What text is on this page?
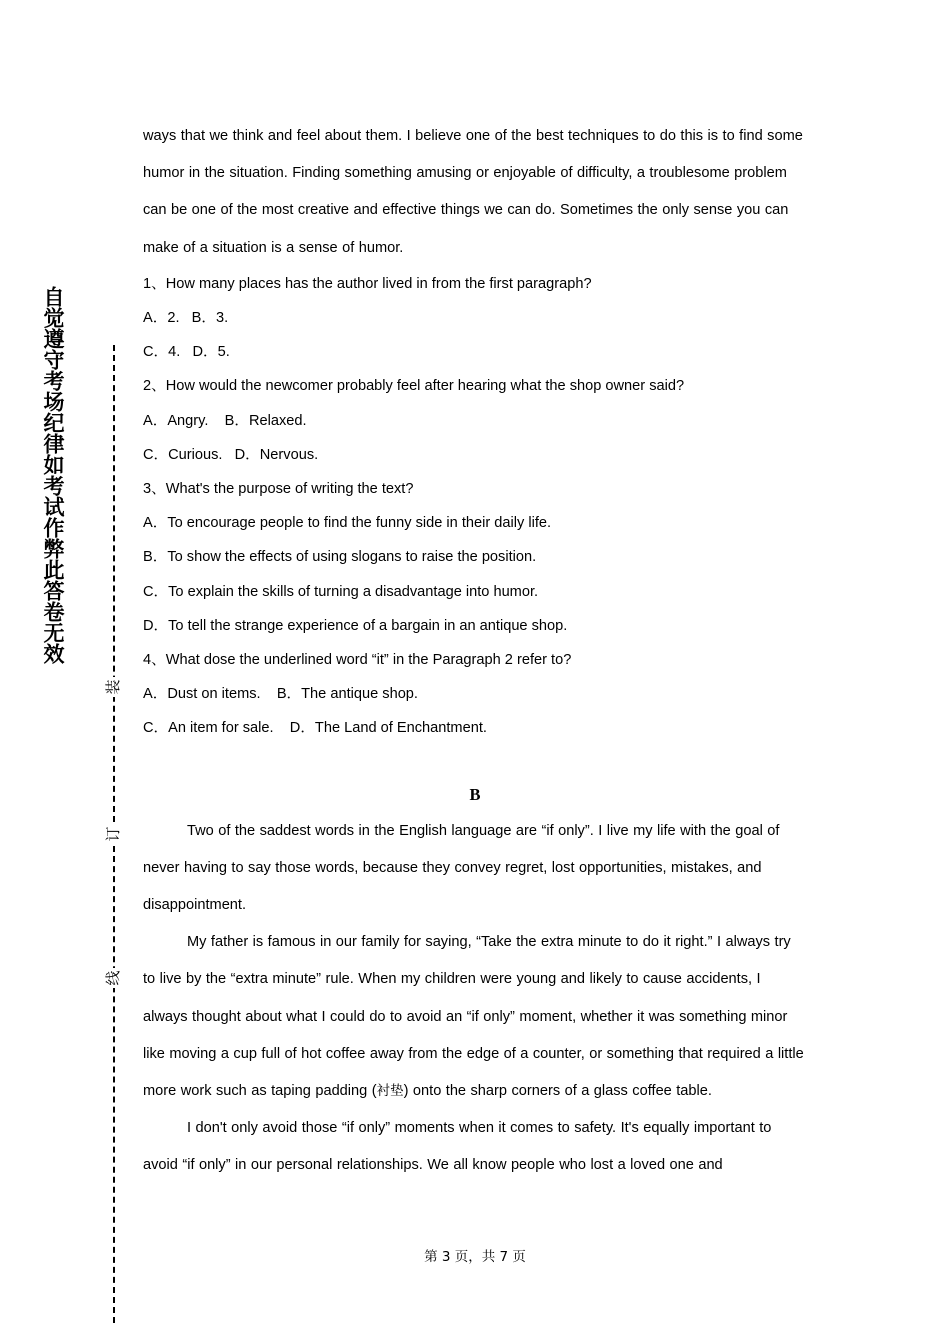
自觉遵守考场纪律如考试作弊此答卷无效
装
订
线

ways that we think and feel about them. I believe one of the best techniques to do this is to find some humor in the situation. Finding something amusing or enjoyable of difficulty, a troublesome problem can be one of the most creative and effective things we can do. Sometimes the only sense you can make of a situation is a sense of humor.

1、How many places has the author lived in from the first paragraph?

A．2.   B．3.

C．4.   D．5.

2、How would the newcomer probably feel after hearing what the shop owner said?

A．Angry.    B．Relaxed.

C．Curious.   D．Nervous.

3、What's the purpose of writing the text?

A．To encourage people to find the funny side in their daily life.

B．To show the effects of using slogans to raise the position.

C．To explain the skills of turning a disadvantage into humor.

D．To tell the strange experience of a bargain in an antique shop.

4、What dose the underlined word “it” in the Paragraph 2 refer to?

A．Dust on items.    B．The antique shop.

C．An item for sale.    D．The Land of Enchantment.

B

Two of the saddest words in the English language are “if only”. I live my life with the goal of never having to say those words, because they convey regret, lost opportunities, mistakes, and disappointment.

My father is famous in our family for saying, “Take the extra minute to do it right.” I always try to live by the “extra minute” rule. When my children were young and likely to cause accidents, I always thought about what I could do to avoid an “if only” moment, whether it was something minor like moving a cup full of hot coffee away from the edge of a counter, or something that required a little more work such as taping padding (衬垫) onto the sharp corners of a glass coffee table.

I don't only avoid those “if only” moments when it comes to safety. It's equally important to avoid “if only” in our personal relationships. We all know people who lost a loved one and

第 3 页，共 7 页
